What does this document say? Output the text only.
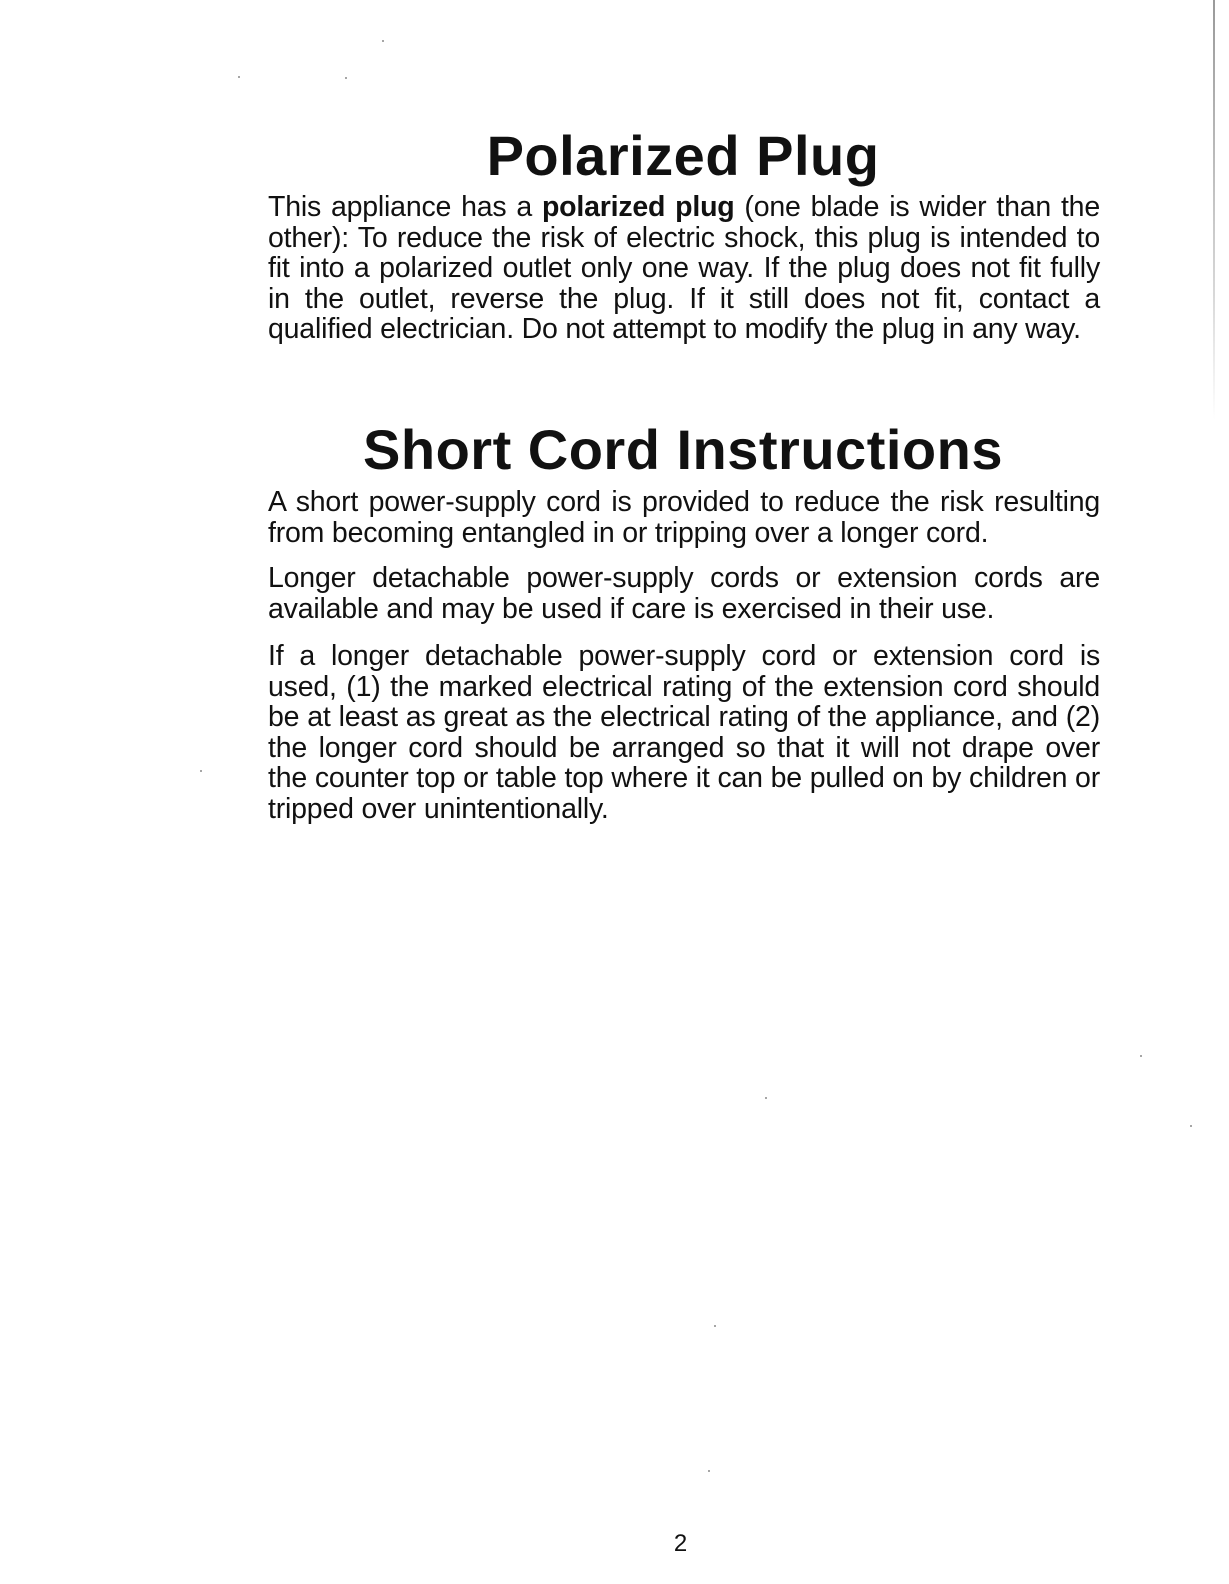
Polarized Plug

This appliance has a polarized plug (one blade is wider than the other): To reduce the risk of electric shock, this plug is intended to fit into a polarized outlet only one way. If the plug does not fit fully in the outlet, reverse the plug. If it still does not fit, contact a qualified electrician. Do not attempt to modify the plug in any way.

Short Cord Instructions

A short power-supply cord is provided to reduce the risk resulting from becoming entangled in or tripping over a longer cord.

Longer detachable power-supply cords or extension cords are available and may be used if care is exercised in their use.

If a longer detachable power-supply cord or extension cord is used, (1) the marked electrical rating of the extension cord should be at least as great as the electrical rating of the appliance, and (2) the longer cord should be arranged so that it will not drape over the counter top or table top where it can be pulled on by children or tripped over unintentionally.

2
